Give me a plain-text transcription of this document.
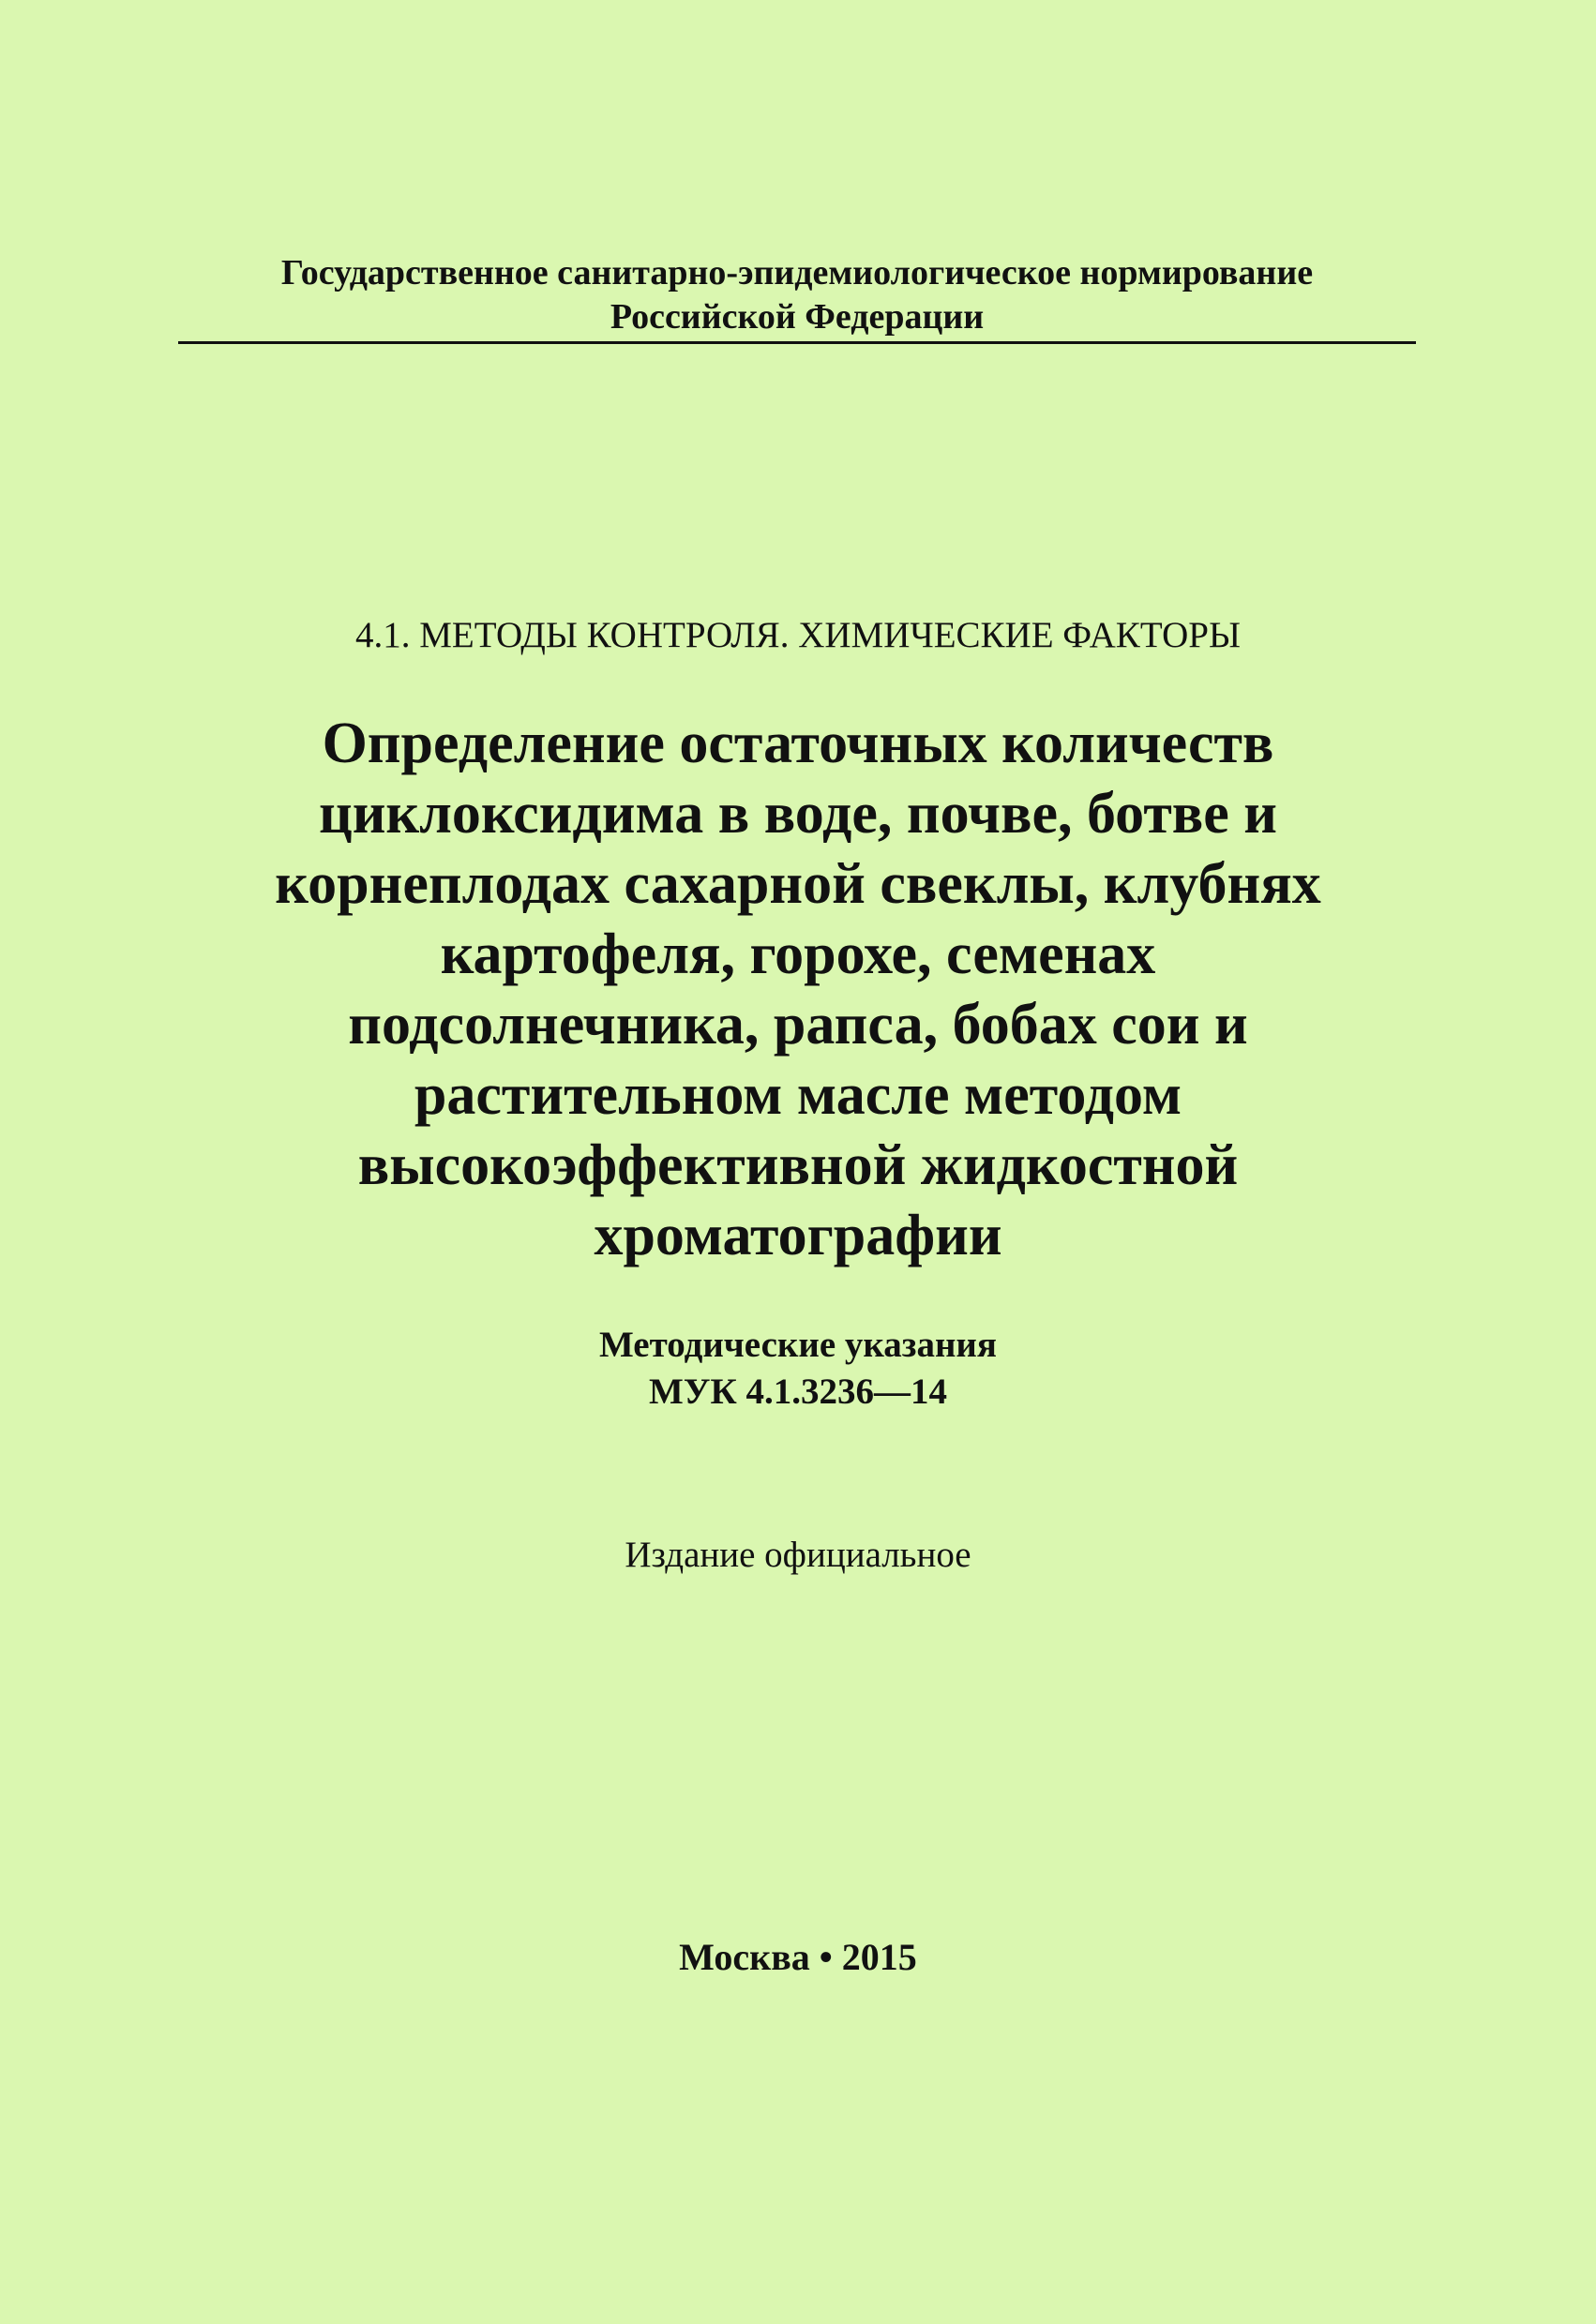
Государственное санитарно-эпидемиологическое нормирование
Российской Федерации
4.1. МЕТОДЫ КОНТРОЛЯ. ХИМИЧЕСКИЕ ФАКТОРЫ
Определение остаточных количеств
циклоксидима в воде, почве, ботве и
корнеплодах сахарной свеклы, клубнях
картофеля, горохе, семенах
подсолнечника, рапса, бобах сои и
растительном масле методом
высокоэффективной жидкостной
хроматографии
Методические указания
МУК 4.1.3236—14
Издание официальное
Москва • 2015
